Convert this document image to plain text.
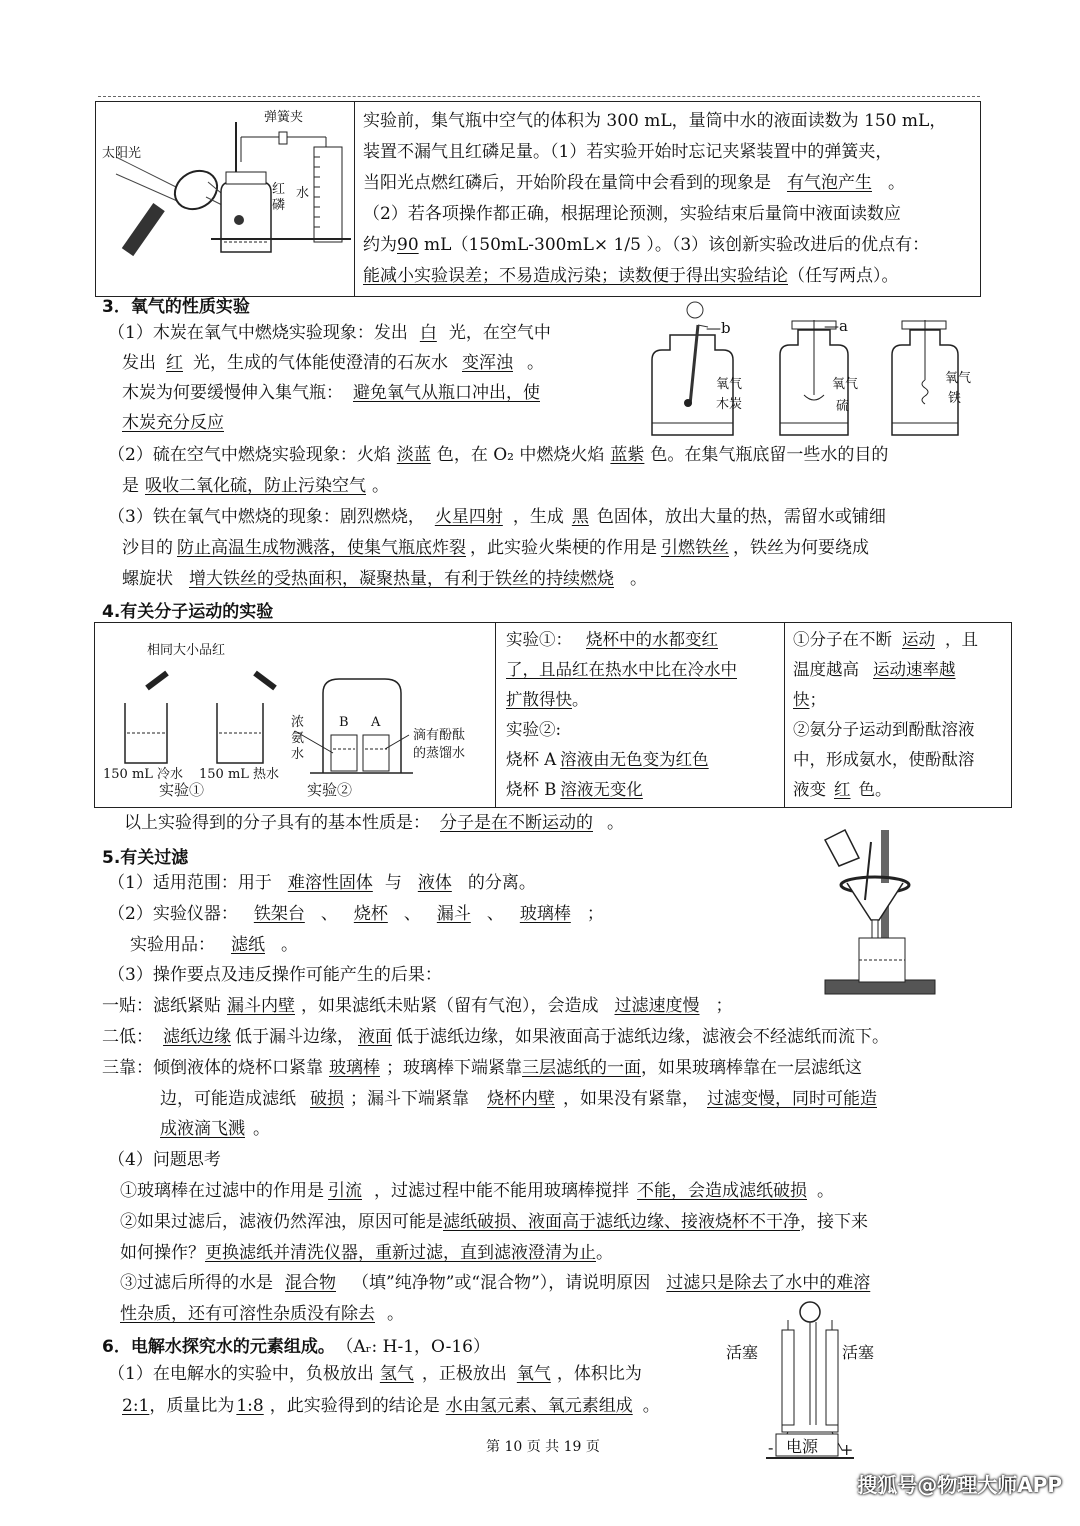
弹簧夹
太阳光
红磷
水

实验前，集气瓶中空气的体积为 300 mL，量筒中水的液面读数为 150 mL，
装置不漏气且红磷足量。（1）若实验开始时忘记夹紧装置中的弹簧夹，
当阳光点燃红磷后，开始阶段在量筒中会看到的现象是 有气泡产生 。
（2）若各项操作都正确，根据理论预测，实验结束后量筒中液面读数应
约为90 mL（150mL-300mL× 1/5 ）。（3）该创新实验改进后的优点有：
能减小实验误差；不易造成污染；读数便于得出实验结论（任写两点）。
3．氧气的性质实验
（1）木炭在氧气中燃烧实验现象：发出 白 光，在空气中
发出 红 光，生成的气体能使澄清的石灰水 变浑浊 。
木炭为何要缓慢伸入集气瓶： 避免氧气从瓶口冲出，使
木炭充分反应
—b	—a
氧气
木炭
氧气
硫
氧气
铁
（2）硫在空气中燃烧实验现象：火焰 淡蓝 色，在 O₂ 中燃烧火焰 蓝紫 色。在集气瓶底留一些水的目的
是 吸收二氧化硫，防止污染空气 。
（3）铁在氧气中燃烧的现象：剧烈燃烧， 火星四射 ，生成 黑 色固体，放出大量的热，需留水或铺细
沙目的 防止高温生成物溅落，使集气瓶底炸裂 ，此实验火柴梗的作用是 引燃铁丝 ，铁丝为何要绕成
螺旋状 增大铁丝的受热面积，凝聚热量，有利于铁丝的持续燃烧 。
4.有关分子运动的实验
相同大小品红
150 mL 冷水 150 mL 热水
实验①	实验②
浓
氨
水
B A
滴有酚酞
的蒸馏水

实验①： 烧杯中的水都变红
了，且品红在热水中比在冷水中
扩散得快。
实验②:
烧杯 A 溶液由无色变为红色
烧杯 B 溶液无变化

①分子在不断 运动 ，且
温度越高 运动速率越
快；
②氨分子运动到酚酞溶液
中，形成氨水，使酚酞溶
液变 红 色。
以上实验得到的分子具有的基本性质是： 分子是在不断运动的 。
5.有关过滤
（1）适用范围：用于 难溶性固体 与 液体 的分离。
（2）实验仪器： 铁架台 、 烧杯 、 漏斗 、 玻璃棒 ；
实验用品： 滤纸 。
（3）操作要点及违反操作可能产生的后果：
一贴：滤纸紧贴 漏斗内壁 ，如果滤纸未贴紧（留有气泡），会造成 过滤速度慢 ；
二低： 滤纸边缘 低于漏斗边缘， 液面 低于滤纸边缘，如果液面高于滤纸边缘，滤液会不经滤纸而流下。
三靠：倾倒液体的烧杯口紧靠 玻璃棒 ；玻璃棒下端紧靠三层滤纸的一面，如果玻璃棒靠在一层滤纸这
边，可能造成滤纸 破损 ；漏斗下端紧靠 烧杯内壁 ，如果没有紧靠， 过滤变慢，同时可能造
成液滴飞溅 。
（4）问题思考
①玻璃棒在过滤中的作用是 引流 ，过滤过程中能不能用玻璃棒搅拌 不能，会造成滤纸破损 。
②如果过滤后，滤液仍然浑浊，原因可能是滤纸破损、液面高于滤纸边缘、接液烧杯不干净，接下来
如何操作？更换滤纸并清洗仪器，重新过滤，直到滤液澄清为止。
③过滤后所得的水是 混合物 （填”纯净物”或“混合物”），请说明原因 过滤只是除去了水中的难溶
性杂质，还有可溶性杂质没有除去 。
6．电解水探究水的元素组成。 （Aᵣ: H-1，O-16）
（1）在电解水的实验中，负极放出 氢气 ，正极放出 氧气 ，体积比为
2:1，质量比为 1:8 ，此实验得到的结论是 水由氢元素、氧元素组成 。
活塞	活塞
电源
-	+
第 10 页 共 19 页
搜狐号@物理大师APP
